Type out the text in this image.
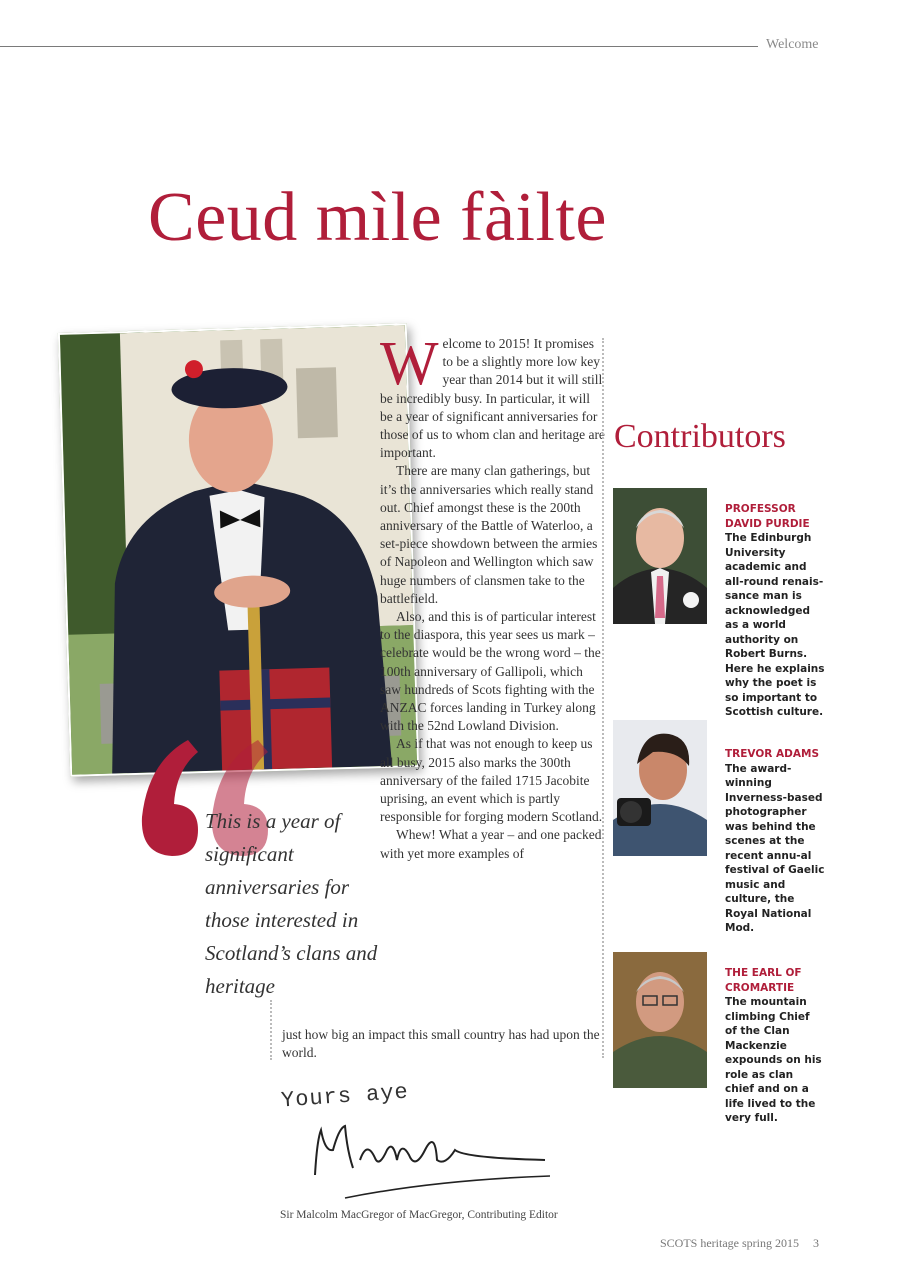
Welcome
Ceud mìle fàilte

Welcome to 2015! It promises to be a slightly more low key year than 2014 but it will still be incredibly busy. In particular, it will be a year of significant anniversaries for those of us to whom clan and heritage are important.

There are many clan gatherings, but it’s the anniversaries which really stand out. Chief amongst these is the 200th anniversary of the Battle of Waterloo, a set-piece showdown between the armies of Napoleon and Wellington which saw huge numbers of clansmen take to the battlefield.

Also, and this is of particular interest to the diaspora, this year sees us mark – celebrate would be the wrong word – the 100th anniversary of Gallipoli, which saw hundreds of Scots fighting with the ANZAC forces landing in Turkey along with the 52nd Lowland Division.

As if that was not enough to keep us all busy, 2015 also marks the 300th anniversary of the failed 1715 Jacobite uprising, an event which is partly responsible for forging modern Scotland.

Whew! What a year – and one packed with yet more examples of

just how big an impact this small country has had upon the world.
This is a year of significant anniversaries for those interested in Scotland’s clans and heritage
Yours aye
Sir Malcolm MacGregor of MacGregor, Contributing Editor
Contributors
PROFESSOR DAVID PURDIE
The Edinburgh University academic and all-round renais-sance man is acknowledged as a world authority on Robert Burns. Here he explains why the poet is so important to Scottish culture.
TREVOR ADAMS The award-winning Inverness-based photographer was behind the scenes at the recent annu-al festival of Gaelic music and culture, the Royal National Mod.
THE EARL OF CROMARTIE
The mountain climbing Chief of the Clan Mackenzie expounds on his role as clan chief and on a life lived to the very full.
SCOTS heritage spring 2015 3
